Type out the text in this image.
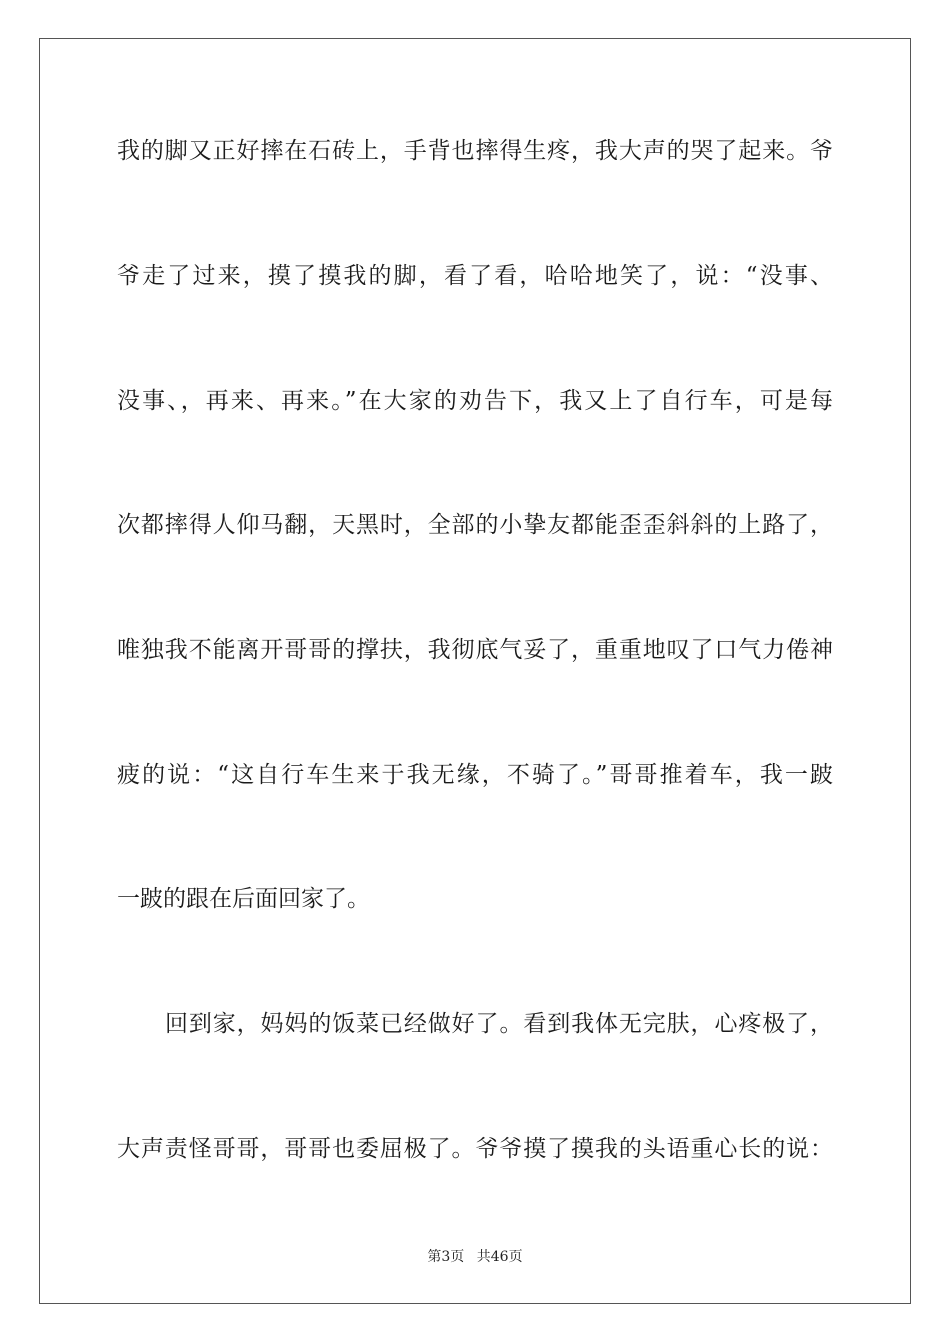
我的脚又正好摔在石砖上，手背也摔得生疼，我大声的哭了起来。爷
爷走了过来，摸了摸我的脚，看了看，哈哈地笑了，说：“没事、
没事、，再来、再来。”在大家的劝告下，我又上了自行车，可是每
次都摔得人仰马翻，天黑时，全部的小挚友都能歪歪斜斜的上路了，
唯独我不能离开哥哥的撑扶，我彻底气妥了，重重地叹了口气力倦神
疲的说：“这自行车生来于我无缘，不骑了。”哥哥推着车，我一跛
一跛的跟在后面回家了。
回到家，妈妈的饭菜已经做好了。看到我体无完肤，心疼极了，
大声责怪哥哥，哥哥也委屈极了。爷爷摸了摸我的头语重心长的说：
第3页 共46页
